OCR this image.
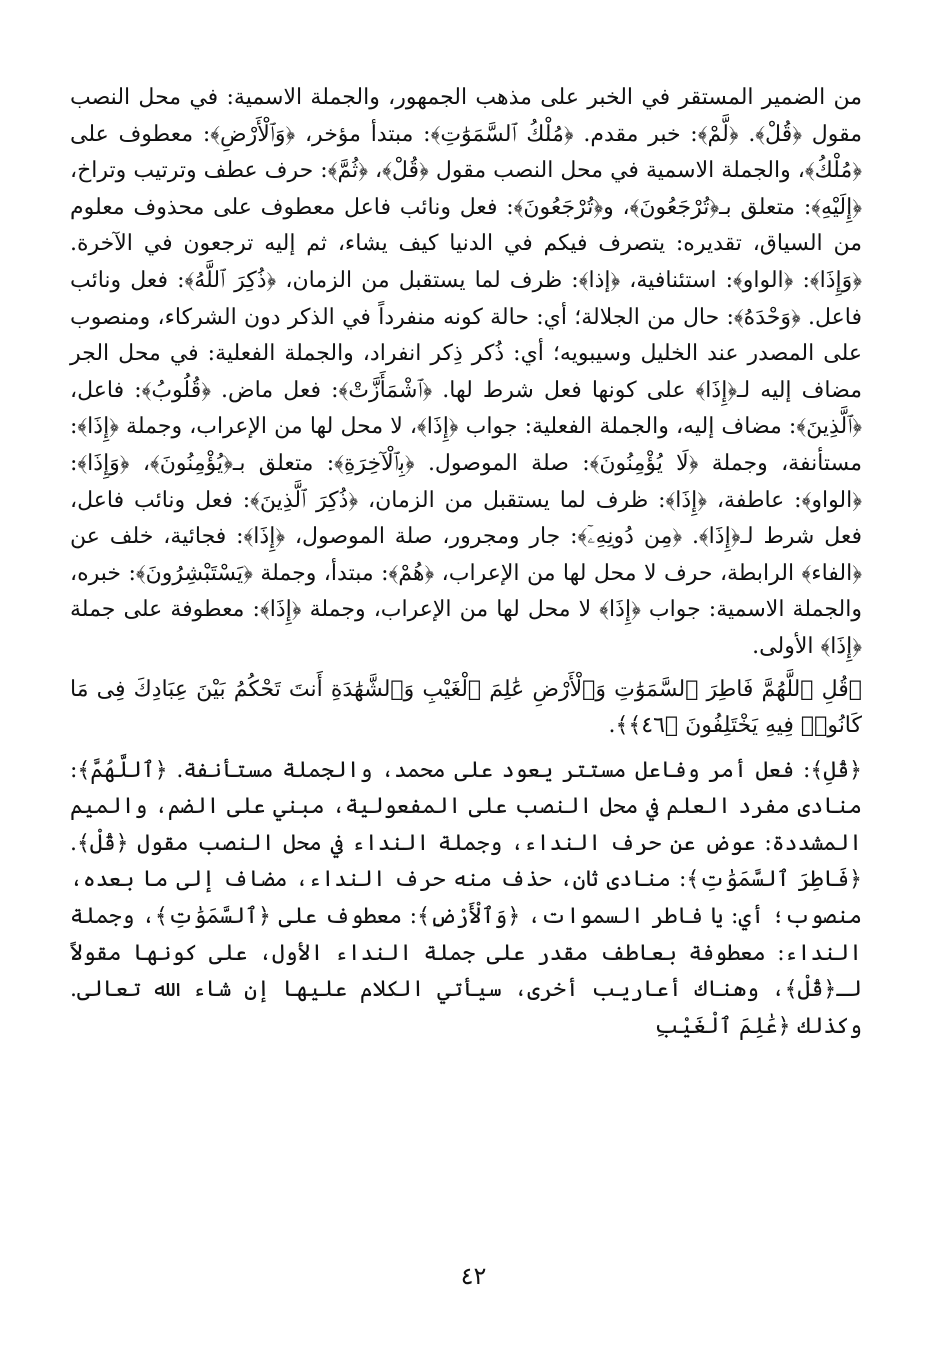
من الضمير المستقر في الخبر على مذهب الجمهور، والجملة الاسمية: في محل النصب مقول ﴿قُلْ﴾. ﴿لَّمْ﴾: خبر مقدم. ﴿مُلْكُ ٱلسَّمَوَٰتِ﴾: مبتدأ مؤخر، ﴿وَٱلْأَرْضِ﴾: معطوف على ﴿مُلْكُ﴾، والجملة الاسمية في محل النصب مقول ﴿قُلْ﴾، ﴿ثُمَّ﴾: حرف عطف وترتيب وتراخ، ﴿إِلَيْهِ﴾: متعلق بـ﴿تُرْجَعُونَ﴾، و﴿تُرْجَعُونَ﴾: فعل ونائب فاعل معطوف على محذوف معلوم من السياق، تقديره: يتصرف فيكم في الدنيا كيف يشاء، ثم إليه ترجعون في الآخرة. ﴿وَإِذَا﴾: ﴿الواو﴾: استئنافية، ﴿إذا﴾: ظرف لما يستقبل من الزمان، ﴿ذُكِرَ ٱللَّهُ﴾: فعل ونائب فاعل. ﴿وَحْدَهُ﴾: حال من الجلالة؛ أي: حالة كونه منفرداً في الذكر دون الشركاء، ومنصوب على المصدر عند الخليل وسيبويه؛ أي: ذُكر ذِكر انفراد، والجملة الفعلية: في محل الجر مضاف إليه لـ﴿إِذَا﴾ على كونها فعل شرط لها. ﴿ٱشْمَأَزَّتْ﴾: فعل ماض. ﴿قُلُوبُ﴾: فاعل، ﴿ٱلَّذِينَ﴾: مضاف إليه، والجملة الفعلية: جواب ﴿إِذَا﴾، لا محل لها من الإعراب، وجملة ﴿إِذَا﴾: مستأنفة، وجملة ﴿لَا يُؤْمِنُونَ﴾: صلة الموصول. ﴿بِٱلْآخِرَةِ﴾: متعلق بـ﴿يُؤْمِنُونَ﴾، ﴿وَإِذَا﴾: ﴿الواو﴾: عاطفة، ﴿إِذَا﴾: ظرف لما يستقبل من الزمان، ﴿ذُكِرَ ٱلَّذِينَ﴾: فعل ونائب فاعل، فعل شرط لـ﴿إِذَا﴾. ﴿مِن دُونِهِۦٓ﴾: جار ومجرور، صلة الموصول، ﴿إِذَا﴾: فجائية، خلف عن ﴿الفاء﴾ الرابطة، حرف لا محل لها من الإعراب، ﴿هُمْ﴾: مبتدأ، وجملة ﴿يَسْتَبْشِرُونَ﴾: خبره، والجملة الاسمية: جواب ﴿إِذَا﴾ لا محل لها من الإعراب، وجملة ﴿إِذَا﴾: معطوفة على جملة ﴿إِذَا﴾ الأولى.

﴿قُلِ ٱللَّهُمَّ فَاطِرَ ٱلسَّمَوَٰتِ وَٱلْأَرْضِ عَٰلِمَ ٱلْغَيْبِ وَٱلشَّهَٰدَةِ أَنتَ تَحْكُمُ بَيْنَ عِبَادِكَ فِى مَا كَانُوا۟ فِيهِ يَخْتَلِفُونَ ﴿٤٦﴾﴾.

﴿قُلِ﴾: فعل أمر وفاعل مستتر يعود على محمد، والجملة مستأنفة. ﴿ٱللَّهُمَّ﴾: منادى مفرد العلم في محل النصب على المفعولية، مبني على الضم، والميم المشددة: عوض عن حرف النداء، وجملة النداء في محل النصب مقول ﴿قُلْ﴾. ﴿فَاطِرَ ٱلسَّمَوَٰتِ﴾: منادى ثان، حذف منه حرف النداء، مضاف إلى ما بعده، منصوب؛ أي: يا فاطر السموات، ﴿وَٱلْأَرْضِ﴾: معطوف على ﴿ٱلسَّمَوَٰتِ﴾، وجملة النداء: معطوفة بعاطف مقدر على جملة النداء الأول، على كونها مقولاً لـ﴿قُلْ﴾، وهناك أعاريب أخرى، سيأتي الكلام عليها إن شاء الله تعالى. وكذلك ﴿عَٰلِمَ ٱلْغَيْبِ

٤٢
